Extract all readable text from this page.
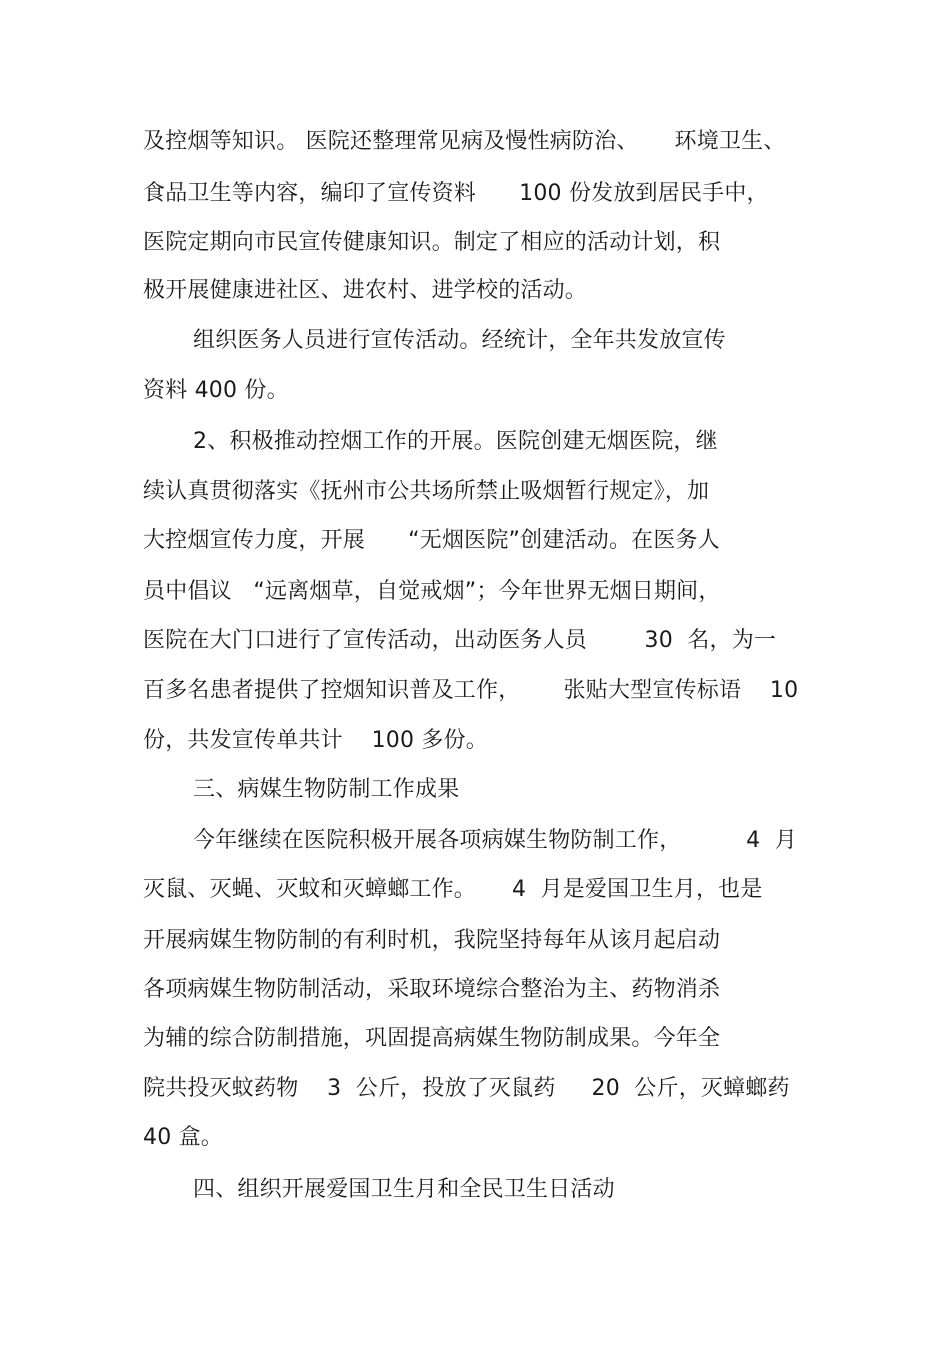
及控烟等知识。 医院还整理常见病及慢性病防治、     环境卫生、
食品卫生等内容，编印了宣传资料      100 份发放到居民手中，
医院定期向市民宣传健康知识。制定了相应的活动计划，积
极开展健康进社区、进农村、进学校的活动。
组织医务人员进行宣传活动。经统计，全年共发放宣传
资料 400 份。
2、积极推动控烟工作的开展。医院创建无烟医院，继
续认真贯彻落实《抚州市公共场所禁止吸烟暂行规定》，加
大控烟宣传力度，开展      “无烟医院”创建活动。在医务人
员中倡议   “远离烟草，自觉戒烟”；今年世界无烟日期间，
医院在大门口进行了宣传活动，出动医务人员        30  名，为一
百多名患者提供了控烟知识普及工作，      张贴大型宣传标语    10
份，共发宣传单共计    100 多份。
三、病媒生物防制工作成果
今年继续在医院积极开展各项病媒生物防制工作，         4  月
灭鼠、灭蝇、灭蚊和灭蟑螂工作。     4  月是爱国卫生月，也是
开展病媒生物防制的有利时机，我院坚持每年从该月起启动
各项病媒生物防制活动，采取环境综合整治为主、药物消杀
为辅的综合防制措施，巩固提高病媒生物防制成果。今年全
院共投灭蚊药物    3  公斤，投放了灭鼠药     20  公斤，灭蟑螂药
40 盒。
四、组织开展爱国卫生月和全民卫生日活动
